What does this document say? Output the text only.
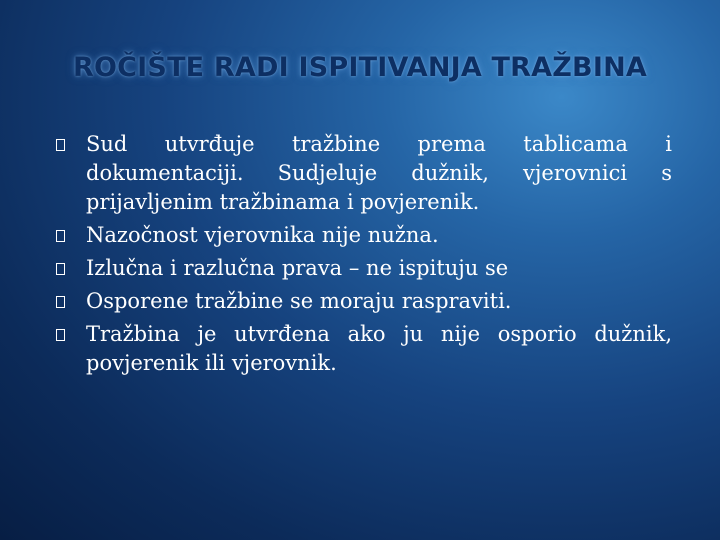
ROČIŠTE RADI ISPITIVANJA TRAŽBINA
Sud utvrđuje tražbine prema tablicama i dokumentaciji. Sudjeluje dužnik, vjerovnici s prijavljenim tražbinama i povjerenik.
Nazočnost vjerovnika nije nužna.
Izlučna i razlučna prava – ne ispituju se
Osporene tražbine se moraju raspraviti.
Tražbina je utvrđena ako ju nije osporio dužnik, povjerenik ili vjerovnik.
